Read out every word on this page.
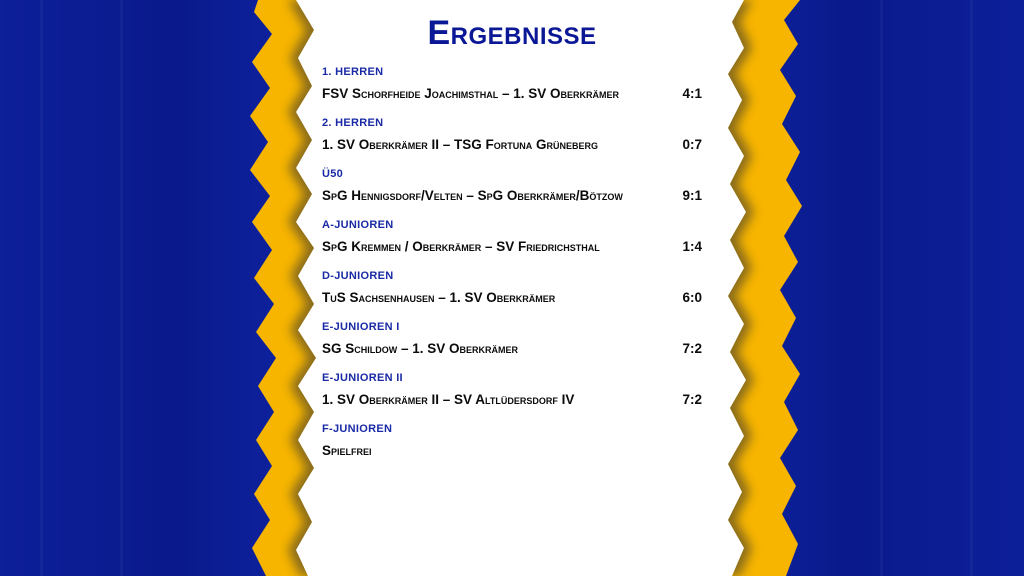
Ergebnisse
1. HERREN
FSV Schorfheide Joachimsthal – 1. SV Oberkrämer	4:1
2. HERREN
1. SV Oberkrämer II – TSG Fortuna Grüneberg	0:7
Ü50
SpG Hennigsdorf/Velten – SpG Oberkrämer/Bötzow	9:1
A-JUNIOREN
SpG Kremmen / Oberkrämer – SV Friedrichsthal	1:4
D-JUNIOREN
TuS Sachsenhausen – 1. SV Oberkrämer	6:0
E-JUNIOREN I
SG Schildow – 1. SV Oberkrämer	7:2
E-JUNIOREN II
1. SV Oberkrämer II – SV Altlüdersdorf IV	7:2
F-JUNIOREN
Spielfrei
